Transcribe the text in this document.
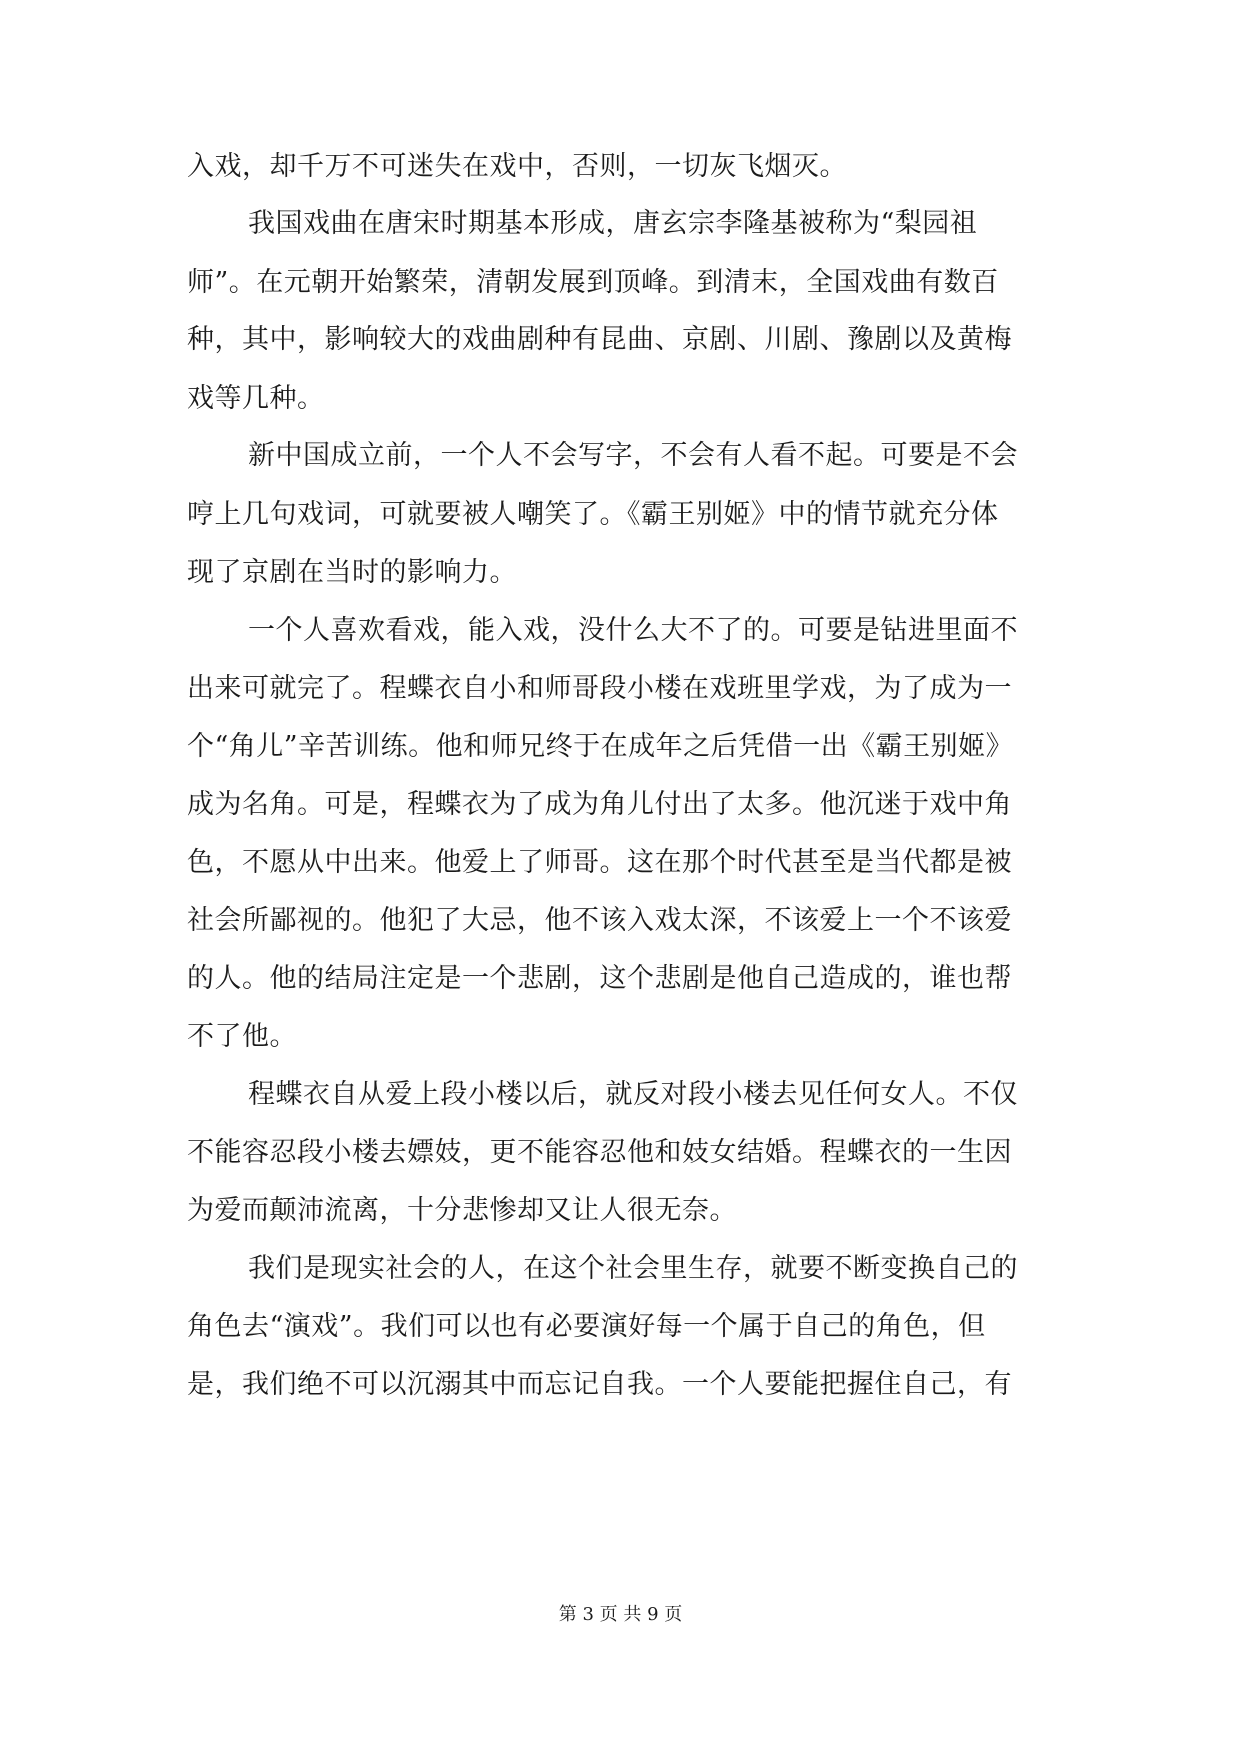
入戏，却千万不可迷失在戏中，否则，一切灰飞烟灭。
我国戏曲在唐宋时期基本形成，唐玄宗李隆基被称为“梨园祖
师”。在元朝开始繁荣，清朝发展到顶峰。到清末，全国戏曲有数百
种，其中，影响较大的戏曲剧种有昆曲、京剧、川剧、豫剧以及黄梅
戏等几种。
新中国成立前，一个人不会写字，不会有人看不起。可要是不会
哼上几句戏词，可就要被人嘲笑了。《霸王别姬》中的情节就充分体
现了京剧在当时的影响力。
一个人喜欢看戏，能入戏，没什么大不了的。可要是钻进里面不
出来可就完了。程蝶衣自小和师哥段小楼在戏班里学戏，为了成为一
个“角儿”辛苦训练。他和师兄终于在成年之后凭借一出《霸王别姬》
成为名角。可是，程蝶衣为了成为角儿付出了太多。他沉迷于戏中角
色，不愿从中出来。他爱上了师哥。这在那个时代甚至是当代都是被
社会所鄙视的。他犯了大忌，他不该入戏太深，不该爱上一个不该爱
的人。他的结局注定是一个悲剧，这个悲剧是他自己造成的，谁也帮
不了他。
程蝶衣自从爱上段小楼以后，就反对段小楼去见任何女人。不仅
不能容忍段小楼去嫖妓，更不能容忍他和妓女结婚。程蝶衣的一生因
为爱而颠沛流离，十分悲惨却又让人很无奈。
我们是现实社会的人，在这个社会里生存，就要不断变换自己的
角色去“演戏”。我们可以也有必要演好每一个属于自己的角色，但
是，我们绝不可以沉溺其中而忘记自我。一个人要能把握住自己，有
第 3 页 共 9 页
